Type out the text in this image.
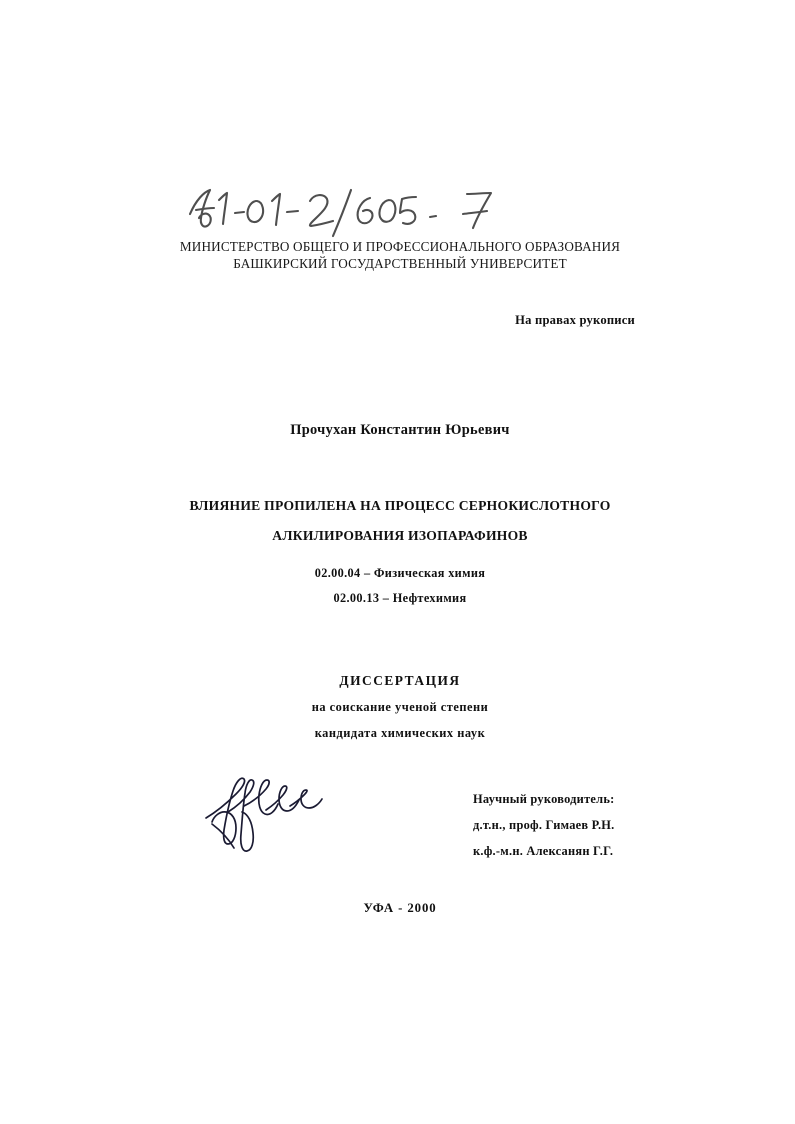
МИНИСТЕРСТВО ОБЩЕГО И ПРОФЕССИОНАЛЬНОГО ОБРАЗОВАНИЯ
БАШКИРСКИЙ ГОСУДАРСТВЕННЫЙ УНИВЕРСИТЕТ
На правах рукописи
Прочухан Константин Юрьевич
ВЛИЯНИЕ ПРОПИЛЕНА НА ПРОЦЕСС СЕРНОКИСЛОТНОГО
АЛКИЛИРОВАНИЯ ИЗОПАРАФИНОВ
02.00.04 – Физическая химия
02.00.13 – Нефтехимия
ДИССЕРТАЦИЯ
на соискание ученой степени
кандидата химических наук
Научный руководитель:
д.т.н., проф. Гимаев Р.Н.
к.ф.-м.н. Алексанян Г.Г.
УФА - 2000
